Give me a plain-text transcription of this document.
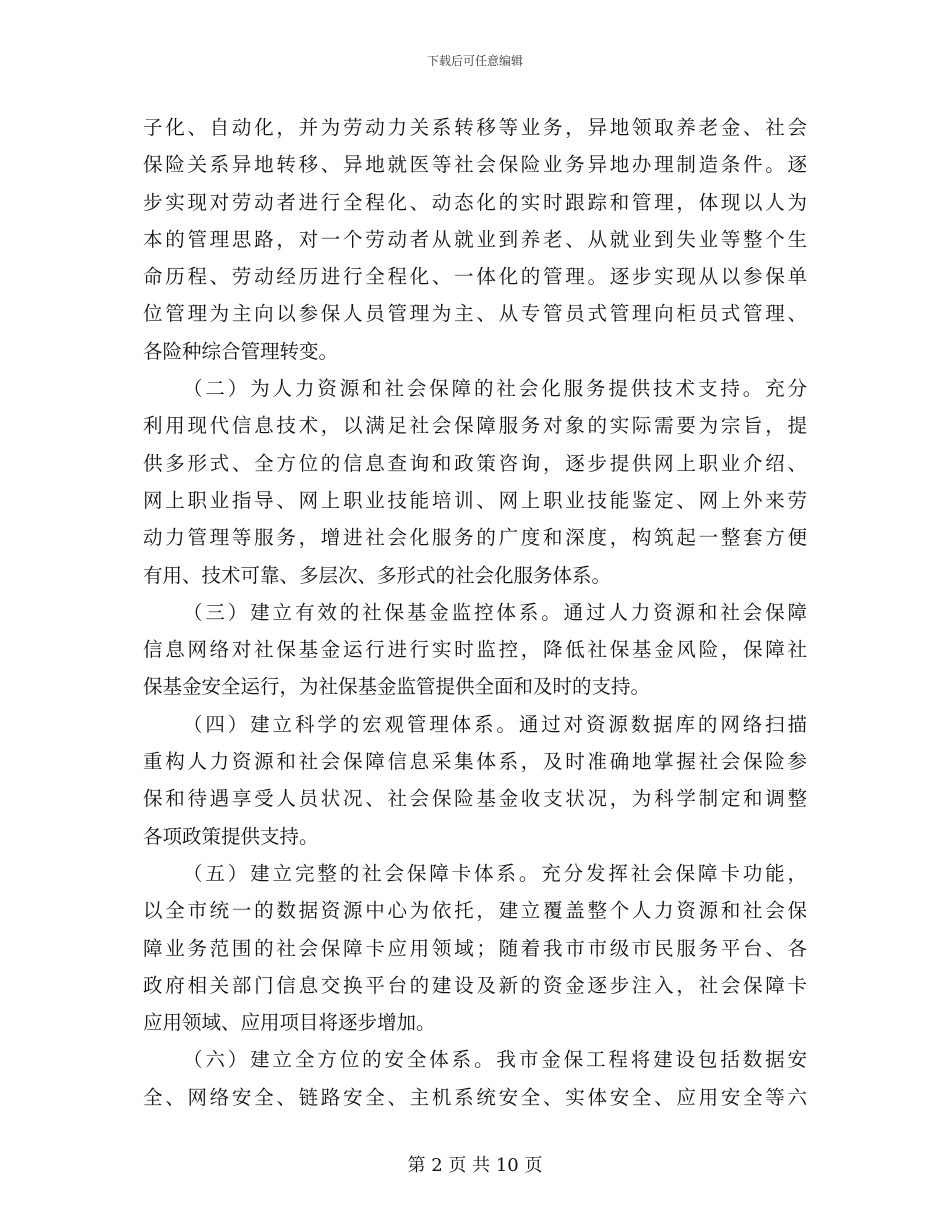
下载后可任意编辑
子化、自动化，并为劳动力关系转移等业务，异地领取养老金、社会
保险关系异地转移、异地就医等社会保险业务异地办理制造条件。逐
步实现对劳动者进行全程化、动态化的实时跟踪和管理，体现以人为
本的管理思路，对一个劳动者从就业到养老、从就业到失业等整个生
命历程、劳动经历进行全程化、一体化的管理。逐步实现从以参保单
位管理为主向以参保人员管理为主、从专管员式管理向柜员式管理、
各险种综合管理转变。
（二）为人力资源和社会保障的社会化服务提供技术支持。充分
利用现代信息技术，以满足社会保障服务对象的实际需要为宗旨，提
供多形式、全方位的信息查询和政策咨询，逐步提供网上职业介绍、
网上职业指导、网上职业技能培训、网上职业技能鉴定、网上外来劳
动力管理等服务，增进社会化服务的广度和深度，构筑起一整套方便
有用、技术可靠、多层次、多形式的社会化服务体系。
（三）建立有效的社保基金监控体系。通过人力资源和社会保障
信息网络对社保基金运行进行实时监控，降低社保基金风险，保障社
保基金安全运行，为社保基金监管提供全面和及时的支持。
（四）建立科学的宏观管理体系。通过对资源数据库的网络扫描
重构人力资源和社会保障信息采集体系，及时准确地掌握社会保险参
保和待遇享受人员状况、社会保险基金收支状况，为科学制定和调整
各项政策提供支持。
（五）建立完整的社会保障卡体系。充分发挥社会保障卡功能，
以全市统一的数据资源中心为依托，建立覆盖整个人力资源和社会保
障业务范围的社会保障卡应用领域；随着我市市级市民服务平台、各
政府相关部门信息交换平台的建设及新的资金逐步注入，社会保障卡
应用领域、应用项目将逐步增加。
（六）建立全方位的安全体系。我市金保工程将建设包括数据安
全、网络安全、链路安全、主机系统安全、实体安全、应用安全等六
第 2 页 共 10 页
